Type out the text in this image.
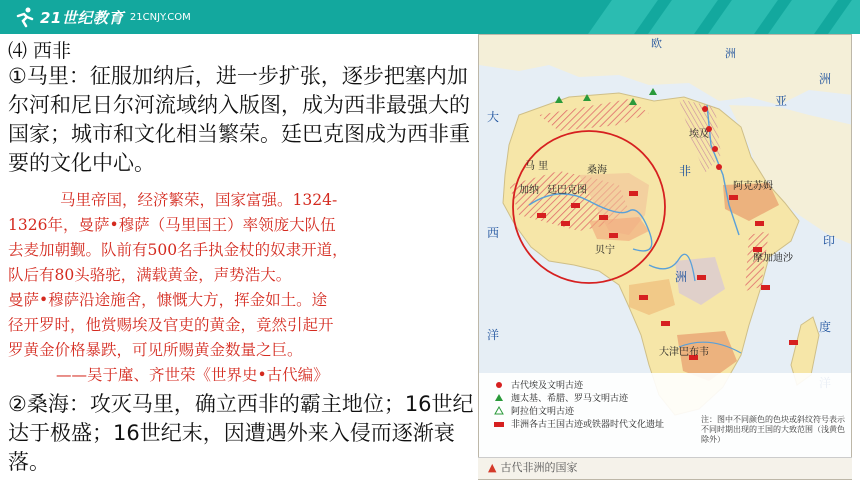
21世纪教育 21CNJY.COM
⑷ 西非
①马里：征服加纳后，进一步扩张，逐步把塞内加尔河和尼日尔河流域纳入版图，成为西非最强大的国家；城市和文化相当繁荣。廷巴克图成为西非重要的文化中心。
马里帝国，经济繁荣，国家富强。1324-
1326年，曼萨•穆萨（马里国王）率领庞大队伍
去麦加朝觐。队前有500名手执金杖的奴隶开道，
队后有80头骆驼，满载黄金，声势浩大。
曼萨•穆萨沿途施舍，慷慨大方，挥金如土。途
径开罗时，他赏赐埃及官吏的黄金，竟然引起开
罗黄金价格暴跌，可见所赐黄金数量之巨。
——吴于廑、齐世荣《世界史•古代编》
②桑海：攻灭马里，确立西非的霸主地位；16世纪达于极盛；16世纪末，因遭遇外来入侵而逐渐衰落。
欧
洲
亚
洲
大
西
洋
印
度
非
洲
埃及
马 里
加纳 廷巴克图
桑海
贝宁
阿克苏姆
摩加迪沙
大津巴布韦
古代埃及文明古迹
迦太基、希腊、罗马文明古迹
阿拉伯文明古迹
非洲各古王国古迹或铁器时代文化遗址
注：图中不同颜色的色块或斜纹符号表示不同时期出现的王国的大致范围（浅黄色除外）
▲ 古代非洲的国家
